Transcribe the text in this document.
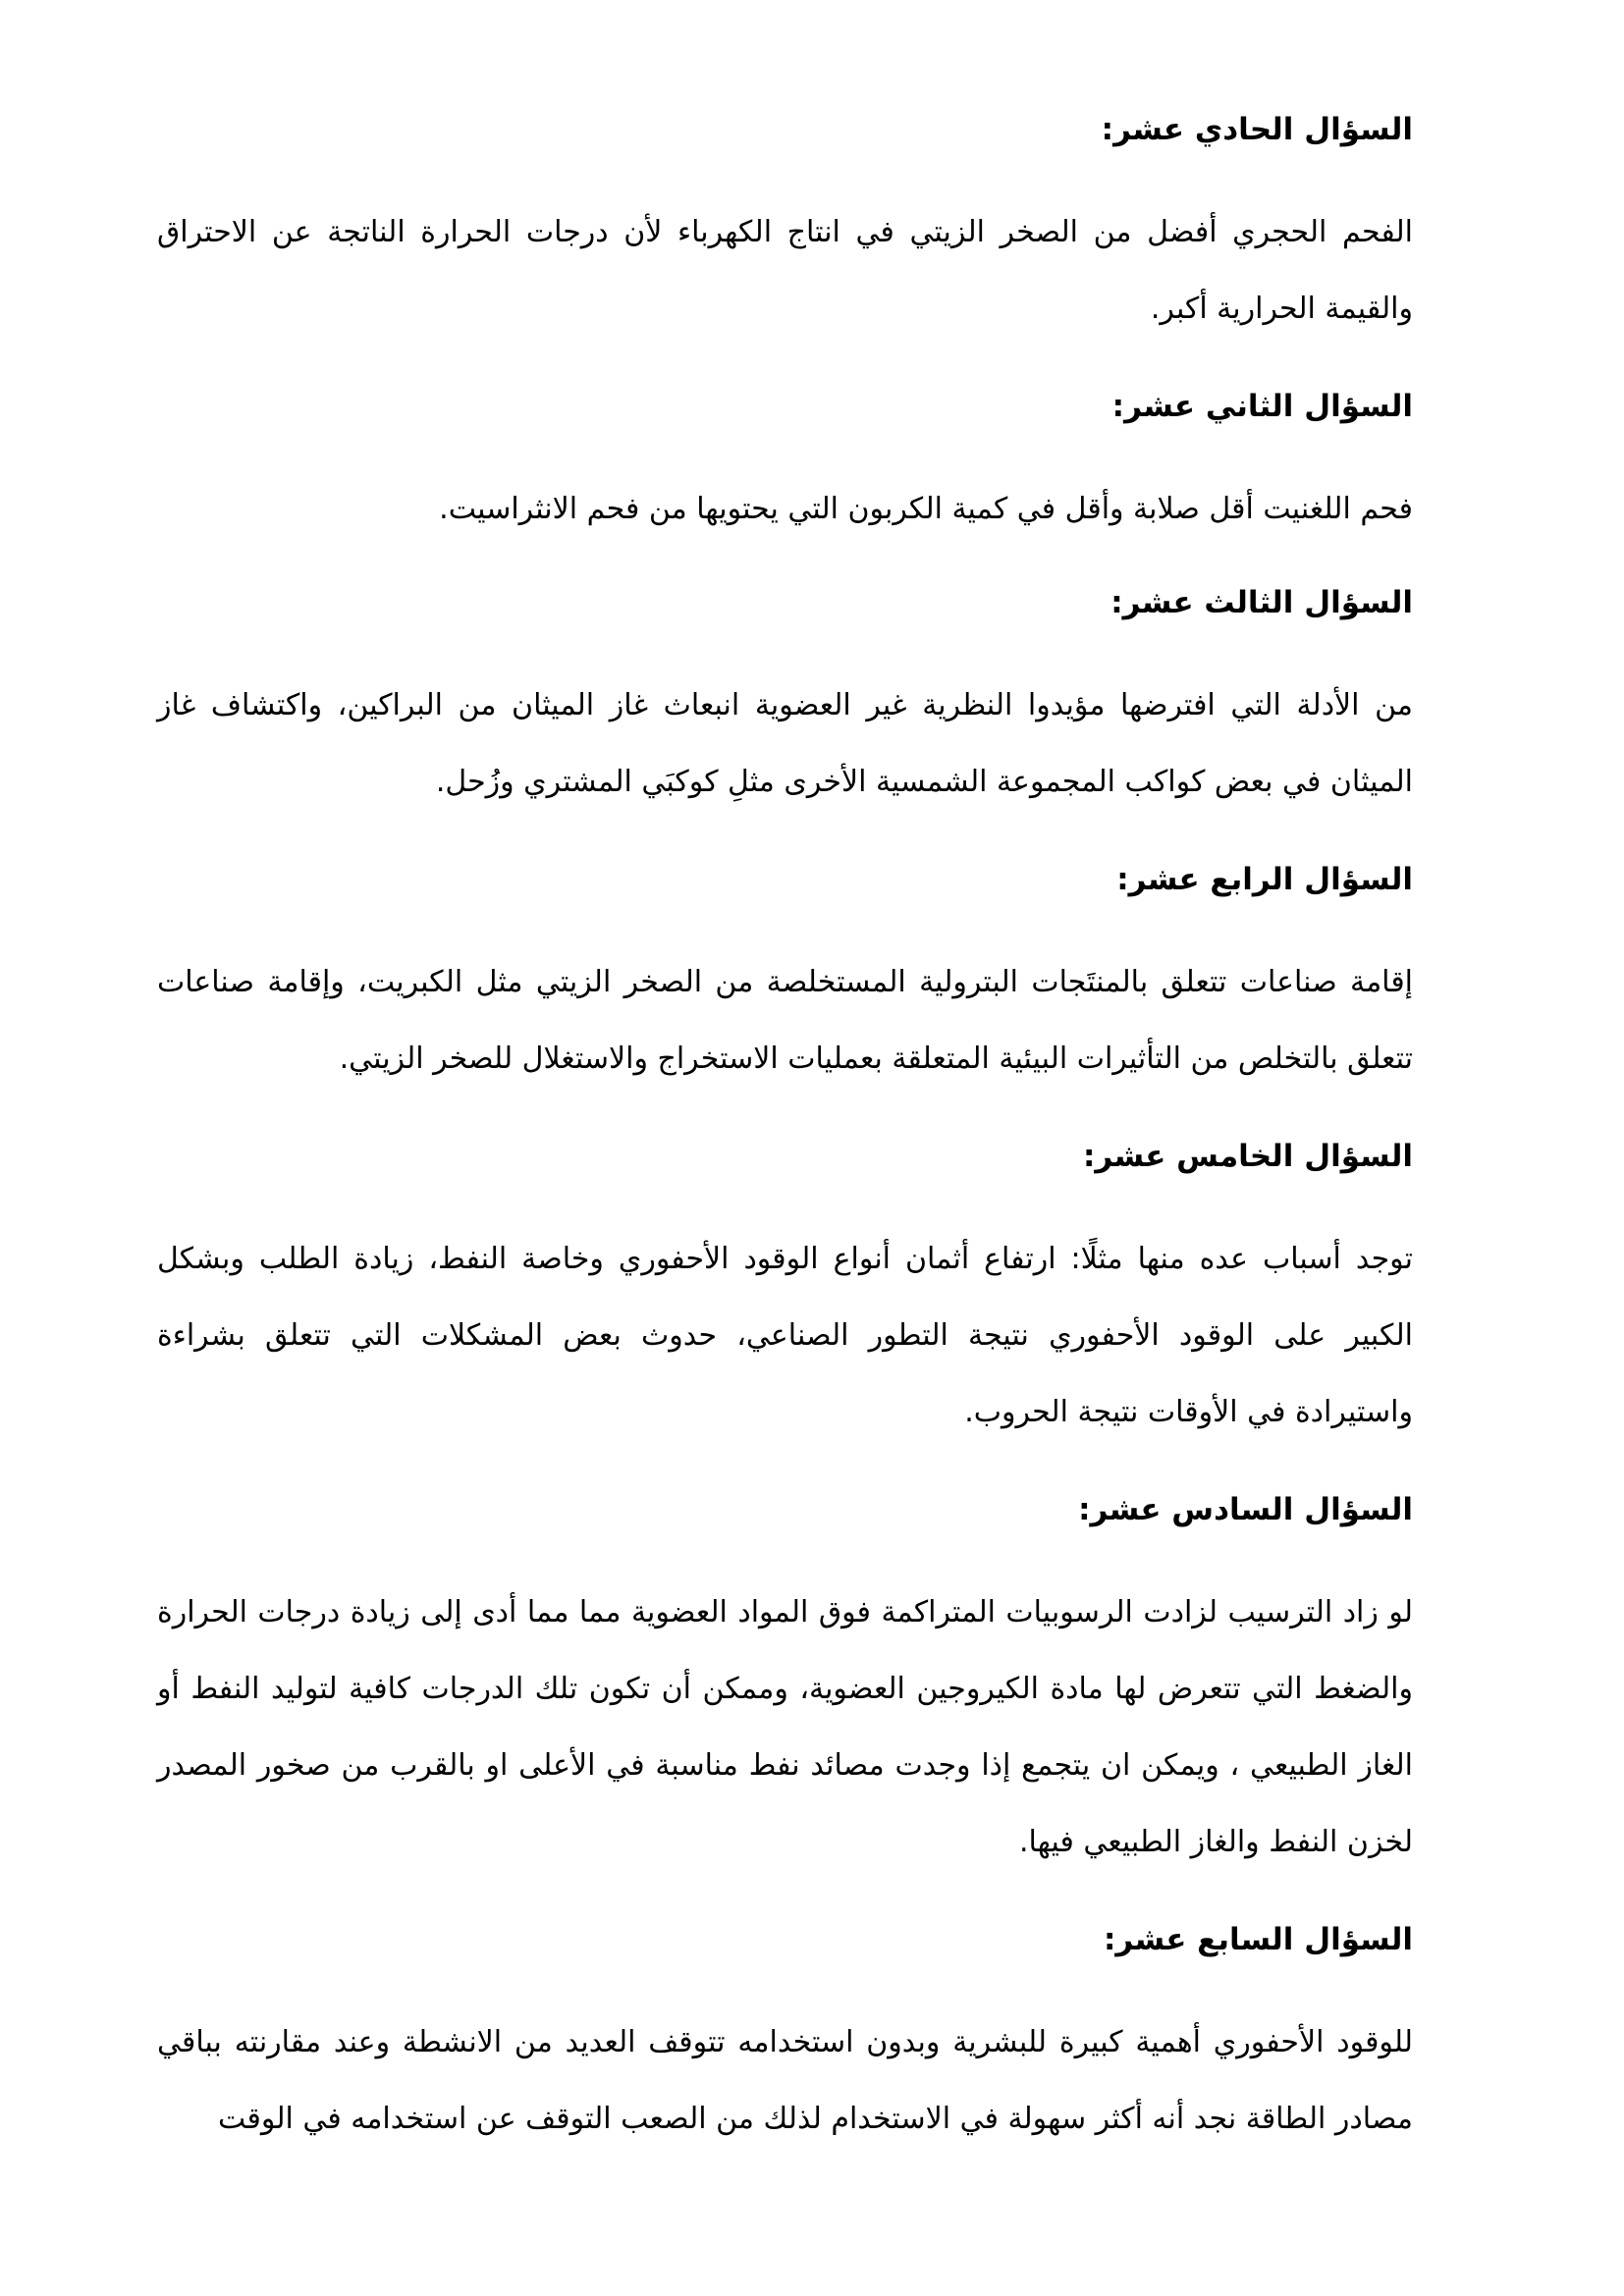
السؤال الحادي عشر:

الفحم الحجري أفضل من الصخر الزيتي في انتاج الكهرباء لأن درجات الحرارة الناتجة عن الاحتراق والقيمة الحرارية أكبر.

السؤال الثاني عشر:

فحم اللغنيت أقل صلابة وأقل في كمية الكربون التي يحتويها من فحم الانثراسيت.

السؤال الثالث عشر:

من الأدلة التي افترضها مؤيدوا النظرية غير العضوية انبعاث غاز الميثان من البراكين، واكتشاف غاز الميثان في بعض كواكب المجموعة الشمسية الأخرى مثلِ كوكبَي المشتري وزُحل.

السؤال الرابع عشر:

إقامة صناعات تتعلق بالمنتَجات البترولية المستخلصة من الصخر الزيتي مثل الكبريت، وإقامة صناعات تتعلق بالتخلص من التأثيرات البيئية المتعلقة بعمليات الاستخراج والاستغلال للصخر الزيتي.

السؤال الخامس عشر:

توجد أسباب عده منها مثلًا: ارتفاع أثمان أنواع الوقود الأحفوري وخاصة النفط، زيادة الطلب وبشكل الكبير على الوقود الأحفوري نتيجة التطور الصناعي، حدوث بعض المشكلات التي تتعلق بشراءة واستيرادة في الأوقات نتيجة الحروب.

السؤال السادس عشر:

لو زاد الترسيب لزادت الرسوبيات المتراكمة فوق المواد العضوية مما مما أدى إلى زيادة درجات الحرارة والضغط التي تتعرض لها مادة الكيروجين العضوية، وممكن أن تكون تلك الدرجات كافية لتوليد النفط أو الغاز الطبيعي ، ويمكن ان يتجمع إذا وجدت مصائد نفط مناسبة في الأعلى او بالقرب من صخور المصدر لخزن النفط والغاز الطبيعي فيها.

السؤال السابع عشر:

للوقود الأحفوري أهمية كبيرة للبشرية وبدون استخدامه تتوقف العديد من الانشطة وعند مقارنته بباقي مصادر الطاقة نجد أنه أكثر سهولة في الاستخدام لذلك من الصعب التوقف عن استخدامه في الوقت
